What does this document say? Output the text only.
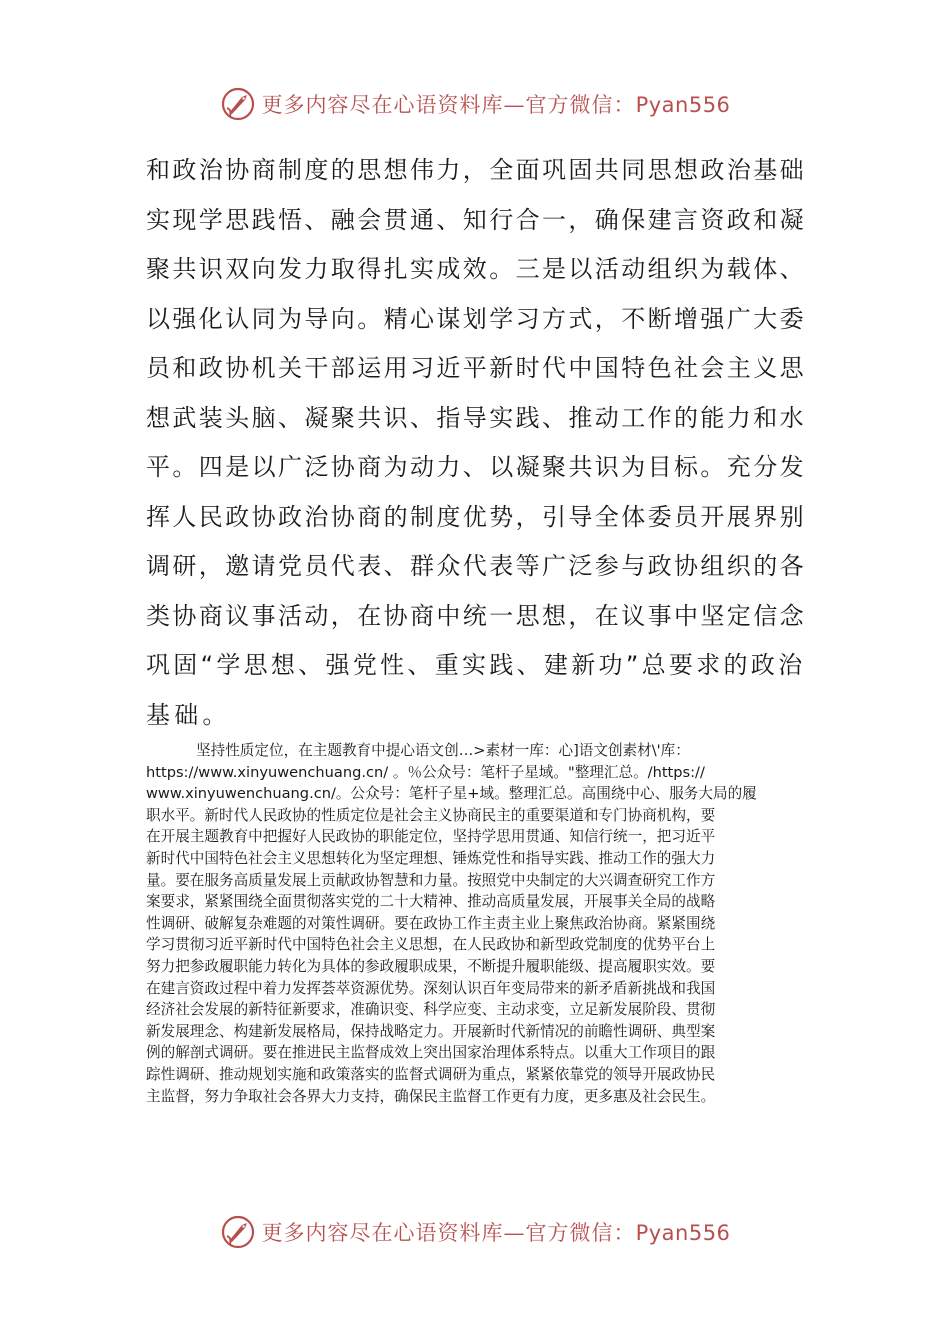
更多内容尽在心语资料库—官方微信：Pyan556
和政治协商制度的思想伟力，全面巩固共同思想政治基础
实现学思践悟、融会贯通、知行合一，确保建言资政和凝
聚共识双向发力取得扎实成效。三是以活动组织为载体、
以强化认同为导向。精心谋划学习方式，不断增强广大委
员和政协机关干部运用习近平新时代中国特色社会主义思
想武装头脑、凝聚共识、指导实践、推动工作的能力和水
平。四是以广泛协商为动力、以凝聚共识为目标。充分发
挥人民政协政治协商的制度优势，引导全体委员开展界别
调研，邀请党员代表、群众代表等广泛参与政协组织的各
类协商议事活动，在协商中统一思想，在议事中坚定信念
巩固“学思想、强党性、重实践、建新功”总要求的政治
基础。
坚持性质定位，在主题教育中提心语文创…>素材一库：心]语文创素材\'库：
https://www.xinyuwenchuang.cn/ 。％公众号：笔杆子星域。"整理汇总。/https://
www.xinyuwenchuang.cn/。公众号：笔杆子星+域。整理汇总。高围绕中心、服务大局的履
职水平。新时代人民政协的性质定位是社会主义协商民主的重要渠道和专门协商机构，要
在开展主题教育中把握好人民政协的职能定位，坚持学思用贯通、知信行统一，把习近平
新时代中国特色社会主义思想转化为坚定理想、锤炼党性和指导实践、推动工作的强大力
量。要在服务高质量发展上贡献政协智慧和力量。按照党中央制定的大兴调查研究工作方
案要求，紧紧围绕全面贯彻落实党的二十大精神、推动高质量发展，开展事关全局的战略
性调研、破解复杂难题的对策性调研。要在政协工作主责主业上聚焦政治协商。紧紧围绕
学习贯彻习近平新时代中国特色社会主义思想，在人民政协和新型政党制度的优势平台上
努力把参政履职能力转化为具体的参政履职成果，不断提升履职能级、提高履职实效。要
在建言资政过程中着力发挥荟萃资源优势。深刻认识百年变局带来的新矛盾新挑战和我国
经济社会发展的新特征新要求，准确识变、科学应变、主动求变，立足新发展阶段、贯彻
新发展理念、构建新发展格局，保持战略定力。开展新时代新情况的前瞻性调研、典型案
例的解剖式调研。要在推进民主监督成效上突出国家治理体系特点。以重大工作项目的跟
踪性调研、推动规划实施和政策落实的监督式调研为重点，紧紧依靠党的领导开展政协民
主监督，努力争取社会各界大力支持，确保民主监督工作更有力度，更多惠及社会民生。
更多内容尽在心语资料库—官方微信：Pyan556
